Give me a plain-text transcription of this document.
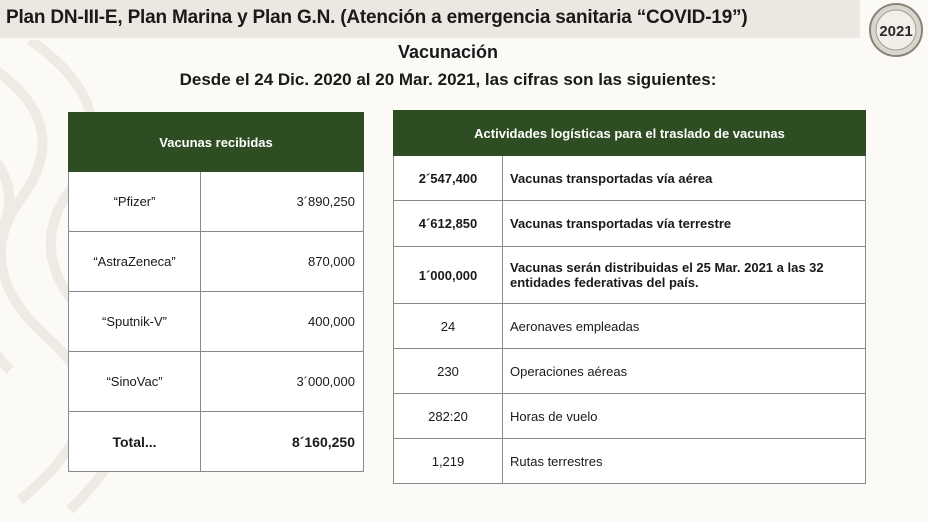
Plan DN-III-E, Plan Marina y Plan G.N. (Atención a emergencia sanitaria “COVID-19”)
2021
Vacunación
Desde el 24 Dic. 2020 al 20 Mar. 2021, las cifras son las siguientes:
Vacunas recibidas	
“Pfizer”	3´890,250
“AstraZeneca”	870,000
“Sputnik-V”	400,000
“SinoVac”	3´000,000
Total...	8´160,250
Actividades logísticas para el traslado de vacunas	
2´547,400	Vacunas transportadas vía aérea
4´612,850	Vacunas transportadas vía terrestre
1´000,000	Vacunas serán distribuidas el 25 Mar. 2021 a las 32 entidades federativas del país.
24	Aeronaves empleadas
230	Operaciones aéreas
282:20	Horas de vuelo
1,219	Rutas terrestres
